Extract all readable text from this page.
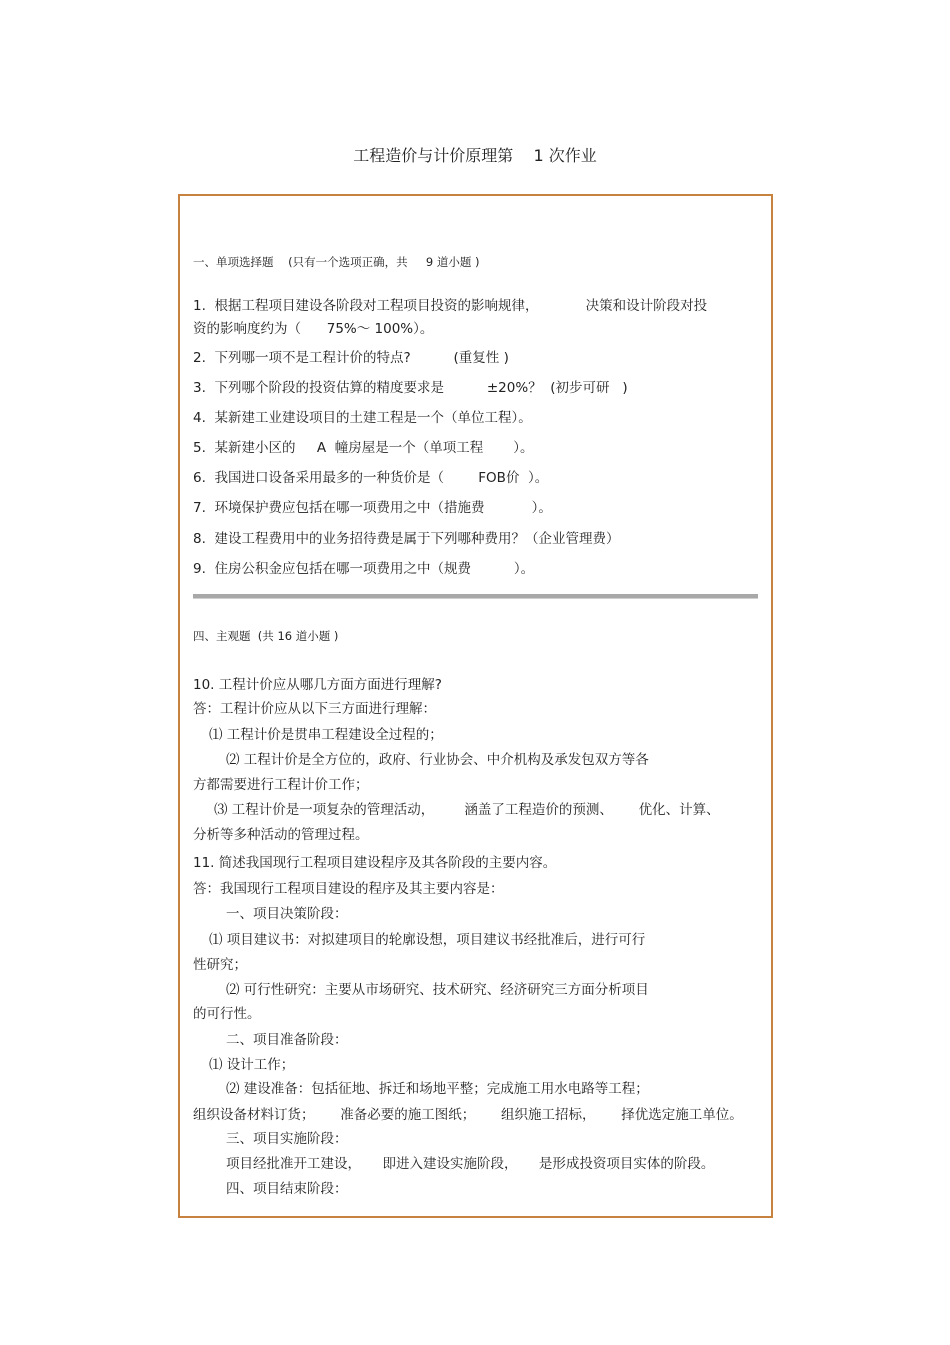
工程造价与计价原理第    1 次作业
一、单项选择题    (只有一个选项正确，共     9 道小题 )
1.  根据工程项目建设各阶段对工程项目投资的影响规律，           决策和设计阶段对投
资的影响度约为（      75%～ 100%）。
2.  下列哪一项不是工程计价的特点?          (重复性 )
3.  下列哪个阶段的投资估算的精度要求是          ±20%？  (初步可研   )
4.  某新建工业建设项目的土建工程是一个（单位工程）。
5.  某新建小区的     A  幢房屋是一个（单项工程       ）。
6.  我国进口设备采用最多的一种货价是（        FOB价  ）。
7.  环境保护费应包括在哪一项费用之中（措施费           ）。
8.  建设工程费用中的业务招待费是属于下列哪种费用？（企业管理费）
9.  住房公积金应包括在哪一项费用之中（规费          ）。
四、主观题  (共 16 道小题 )
10. 工程计价应从哪几方面方面进行理解?
答：工程计价应从以下三方面进行理解：
⑴ 工程计价是贯串工程建设全过程的；
⑵ 工程计价是全方位的，政府、行业协会、中介机构及承发包双方等各
方都需要进行工程计价工作；
⑶ 工程计价是一项复杂的管理活动，       涵盖了工程造价的预测、      优化、计算、
分析等多种活动的管理过程。
11. 简述我国现行工程项目建设程序及其各阶段的主要内容。
答：我国现行工程项目建设的程序及其主要内容是：
一、项目决策阶段：
⑴ 项目建议书：对拟建项目的轮廓设想，项目建议书经批准后，进行可行
性研究；
⑵ 可行性研究：主要从市场研究、技术研究、经济研究三方面分析项目
的可行性。
二、项目准备阶段：
⑴ 设计工作；
⑵ 建设准备：包括征地、拆迁和场地平整；完成施工用水电路等工程；
组织设备材料订货；      准备必要的施工图纸；      组织施工招标，      择优选定施工单位。
三、项目实施阶段：
项目经批准开工建设，     即进入建设实施阶段，     是形成投资项目实体的阶段。
四、项目结束阶段：
